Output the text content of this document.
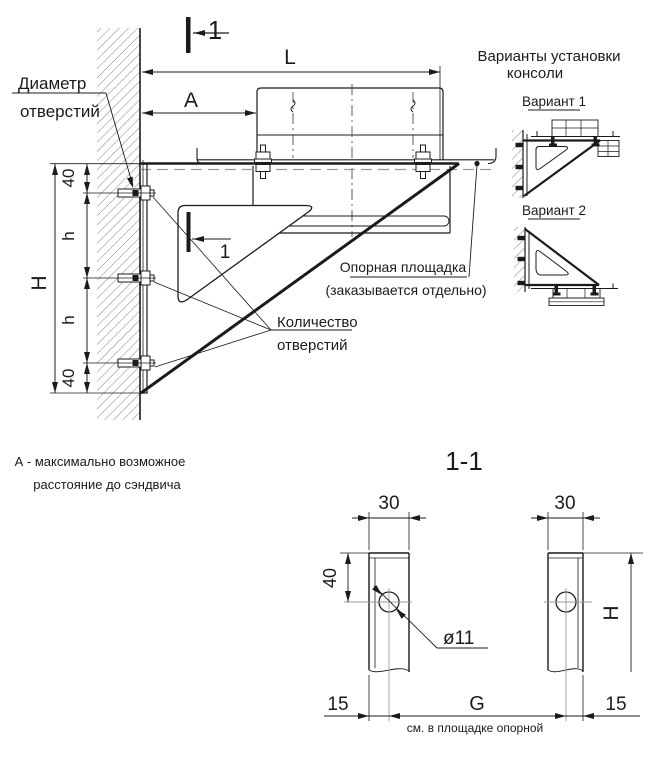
L
A
40
h
h
40
H
Диаметр
отверстий
1
1
Опорная площадка
(заказывается отдельно)
Количество
отверстий
А - максимально возможное
расстояние до сэндвича
Варианты установки
консоли
Вариант 1
Вариант 2
1-1
30	30
40
ø11
H
15	G	15
см. в площадке опорной
